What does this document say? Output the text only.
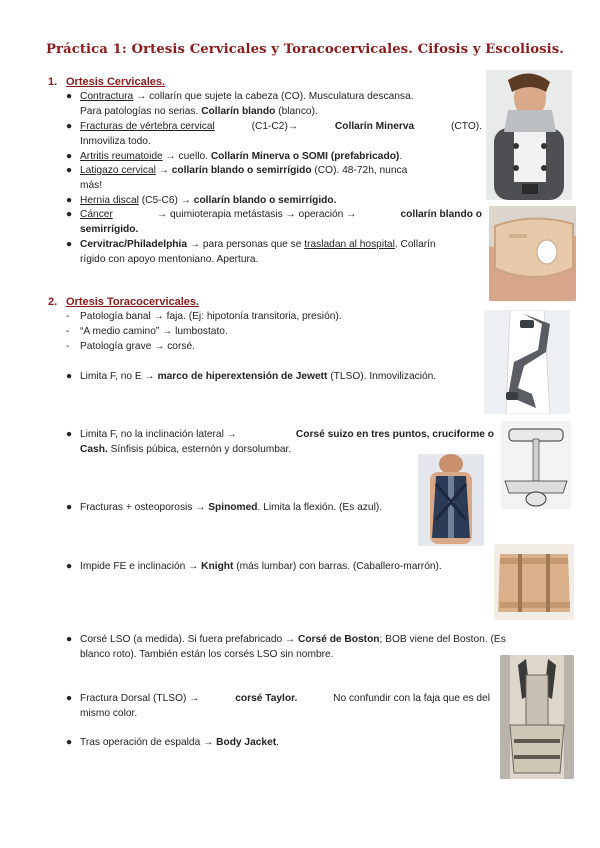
Práctica 1: Ortesis Cervicales y Toracocervicales. Cifosis y Escoliosis.
1. Ortesis Cervicales.
● Contractura → collarín que sujete la cabeza (CO). Musculatura descansa.
Para patologías no serias. Collarín blando (blanco).
● Fracturas de vértebra cervical	(C1-C2)→	Collarín Minerva	(CTO).
Inmoviliza todo.
● Artritis reumatoide → cuello. Collarín Minerva o SOMI (prefabricado).
● Latigazo cervical → collarín blando o semirrígido (CO). 48-72h, nunca
más!
● Hernia discal (C5-C6) → collarín blando o semirrígido.
● Cáncer	→ quimioterapia metástasis → operación →	collarín blando o
semirrígido.
● Cervitrac/Philadelphia → para personas que se trasladan al hospital. Collarín
rígido con apoyo mentoniano. Apertura.
2. Ortesis Toracocervicales.
-	Patología banal → faja. (Ej: hipotonía transitoria, presión).
-	“A medio camino” → lumbostato.
-	Patología grave → corsé.
● Limita F, no E → marco de hiperextensión de Jewett (TLSO). Inmovilización.
● Limita F, no la inclinación lateral →	Corsé suizo en tres puntos, cruciforme o
Cash. Sínfisis púbica, esternón y dorsolumbar.
● Fracturas + osteoporosis → Spinomed. Limita la flexión. (Es azul).
● Impide FE e inclinación → Knight (más lumbar) con barras. (Caballero-marrón).
● Corsé LSO (a medida). Si fuera prefabricado → Corsé de Boston; BOB viene del Boston. (Es
blanco roto). También están los corsés LSO sin nombre.
● Fractura Dorsal (TLSO) →	corsé Taylor.	No confundir con la faja que es del
mismo color.
● Tras operación de espalda → Body Jacket.
